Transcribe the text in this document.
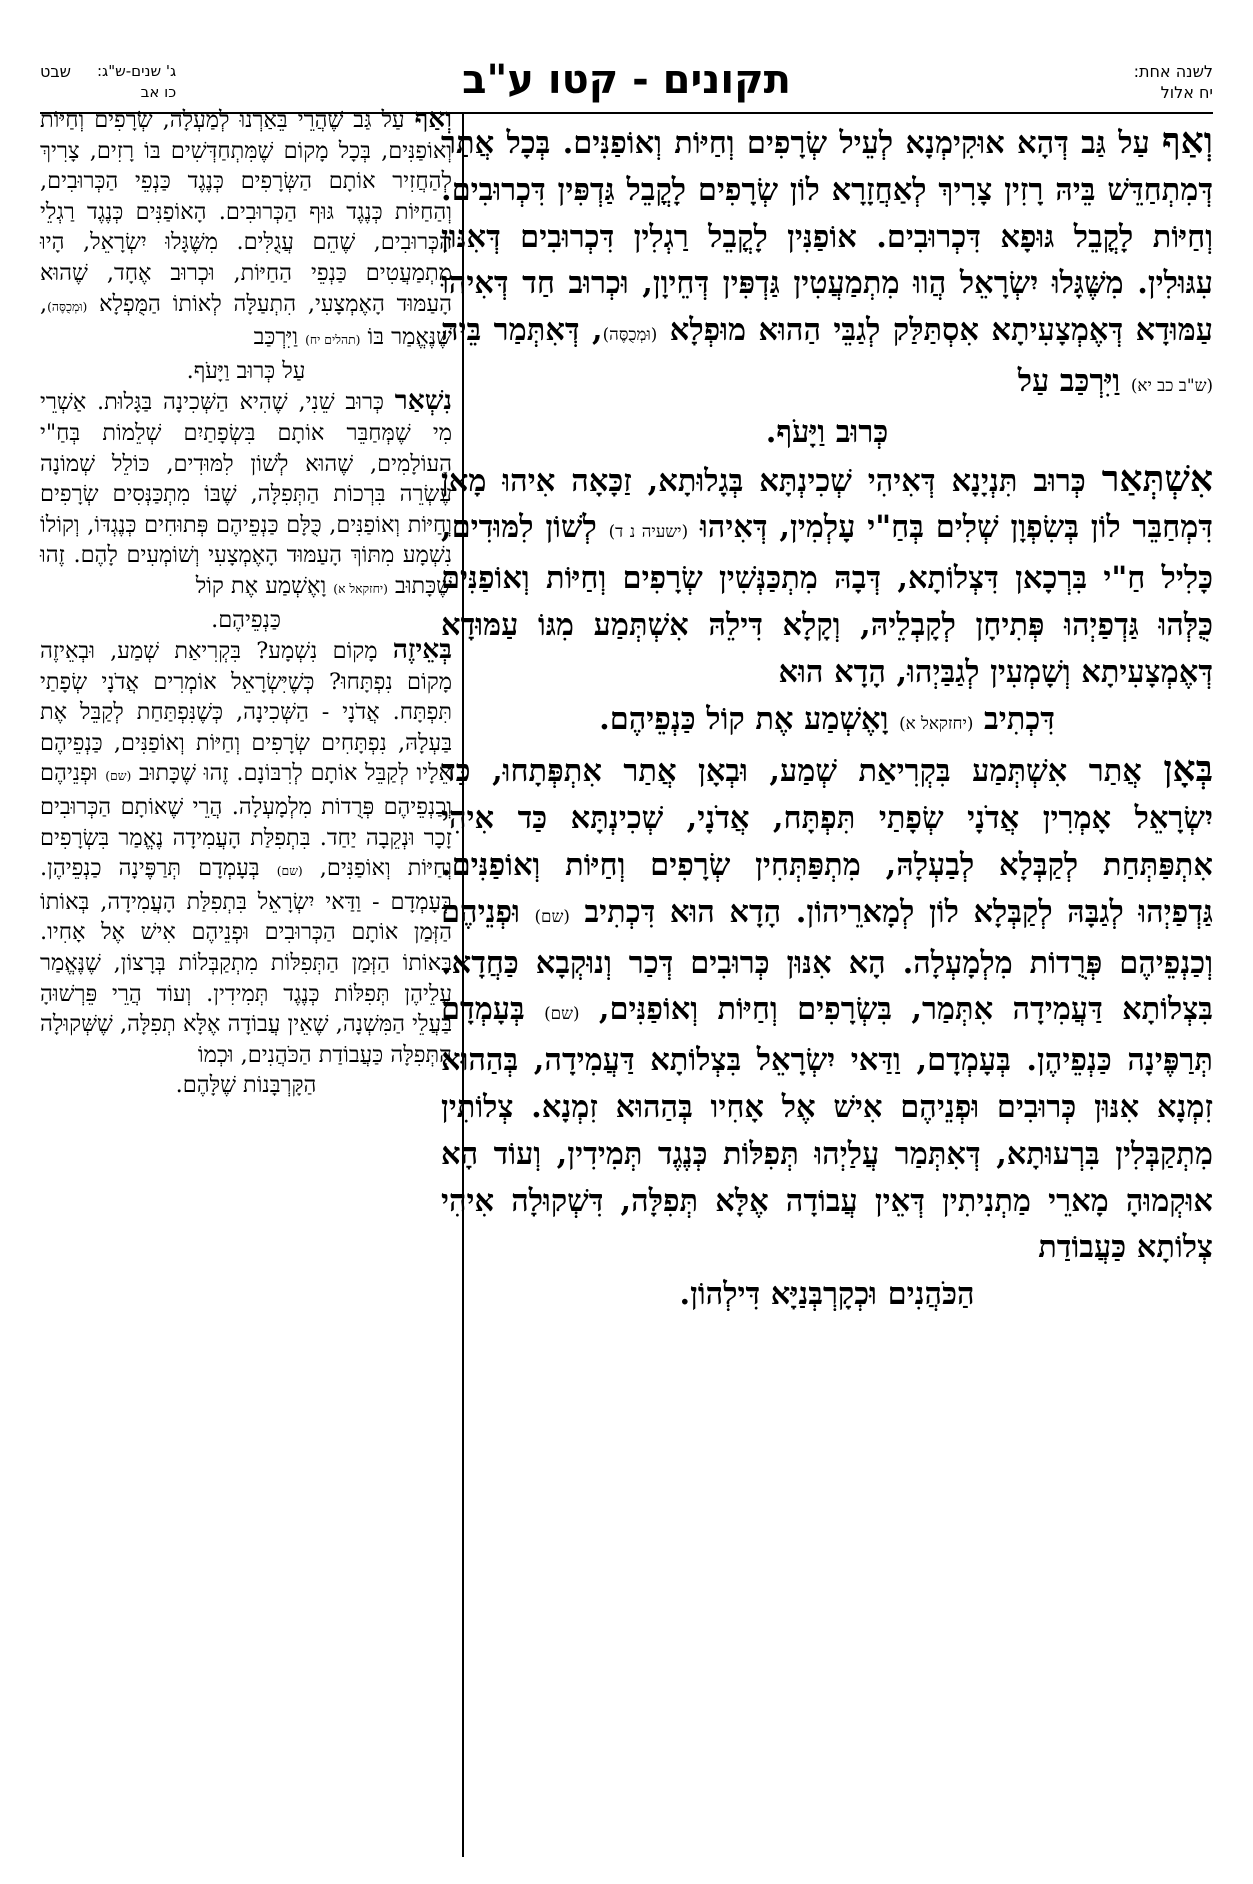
לשנה אחת:
יח אלול
תקונים - קטו ע"ב
ג' שנים-ש"ג:
שבט
כו אב

וְאַף עַל גַּב דְּהָא אוּקִימְנָא לְעֵיל שְׂרָפִים וְחַיּוֹת וְאוֹפַנִּים. בְּכָל אֲתַר דְּמִתְחַדֵּשׁ בֵּיהּ רָזִין צָרִיךְ לְאַחֲזָרָא לוֹן שְׂרָפִים לָקֳבֵל גַּדְפִּין דִּכְרוּבִים. וְחַיּוֹת לָקֳבֵל גּוּפָא דִּכְרוּבִים. אוֹפַנִּין לָקֳבֵל רַגְלִין דִּכְרוּבִים דְּאִנּוּן עִגּוּלִין. מִשֶּׁגָּלוּ יִשְׂרָאֵל הֲווּ מִתְמַעֲטִין גַּדְפִּין דְּחֵיוָן, וּכְרוּב חַד דְּאִיהוּ עַמּוּדָא דְּאֶמְצָעִיתָא אִסְתַּלַּק לְגַבֵּי הַהוּא מוּפְלָא (וּמְכֻסֶּה), דְּאִתְּמַר בֵּיהּ (ש"ב כב יא) וַיִּרְכַּב עַל

כְּרוּב וַיָּעֹף.

אִשְׁתְּאַר כְּרוּב תִּנְיָנָא דְּאִיהִי שְׁכִינְתָּא בְּגָלוּתָא, זַכָּאָה אִיהוּ מָאן דִּמְחַבֵּר לוֹן בְּשִׂפְוָן שְׁלִים בְּחַ"י עָלְמִין, דְּאִיהוּ (ישעיה נ ד) לְשׁוֹן לִמּוּדִים, כָּלִיל חַ"י בִּרְכָאן דִּצְלוֹתָא, דְּבָהּ מִתְכַּנְּשִׁין שְׂרָפִים וְחַיּוֹת וְאוֹפַנִּים כֻּלְּהוּ גַּדְפַיְהוּ פְּתִיחָן לְקָבְלֵיהּ, וְקָלָא דִּילֵהּ אִשְׁתְּמַע מִגּוֹ עַמּוּדָא דְּאֶמְצָעִיתָא וְשָׁמְעִין לְגַבַּיְהוּ, הָדָא הוּא

דִּכְתִיב (יחזקאל א) וָאֶשְׁמַע אֶת קוֹל כַּנְפֵיהֶם.

בְּאָן אֲתַר אִשְׁתְּמַע בִּקְרִיאַת שְׁמַע, וּבְאָן אֲתַר אִתְפְּתָחוּ, כַּד יִשְׂרָאֵל אָמְרִין אֲדֹנָי שְׂפָתַי תִּפְתָּח, אֲדֹנָי, שְׁכִינְתָּא כַּד אִיהִי אִתְפַּתְּחַת לְקַבְּלָא לְבַעְלָהּ, מִתְפַּתְּחִין שְׂרָפִים וְחַיּוֹת וְאוֹפַנִּים. גַּדְפַיְהוּ לְגַבָּהּ לְקַבְּלָא לוֹן לְמָארֵיהוֹן. הָדָא הוּא דִּכְתִיב (שם) וּפְנֵיהֶם וְכַנְפֵיהֶם פְּרֻדוֹת מִלְמָעְלָה. הָא אִנּוּן כְּרוּבִים דְּכַר וְנוּקְבָא כַּחֲדָא. בִּצְלוֹתָא דַּעֲמִידָה אִתְּמַר, בִּשְׂרָפִים וְחַיּוֹת וְאוֹפַנִּים, (שם) בְּעָמְדָם תְּרַפֶּינָה כַּנְפֵיהֶן. בְּעָמְדָם, וַדַּאי יִשְׂרָאֵל בִּצְלוֹתָא דַּעֲמִידָה, בְּהַהוּא זִמְנָא אִנּוּן כְּרוּבִים וּפְנֵיהֶם אִישׁ אֶל אָחִיו בְּהַהוּא זִמְנָא. צְלוֹתִין מִתְקַבְּלִין בִּרְעוּתָא, דְּאִתְּמַר עֲלַיְהוּ תְּפִלּוֹת כְּנֶגֶד תְּמִידִין, וְעוֹד הָא אוּקְמוּהָ מָארֵי מַתְנִיתִין דְּאֵין עֲבוֹדָה אֶלָּא תְּפִלָּה, דִּשְׁקוּלָה אִיהִי צְלוֹתָא כַּעֲבוֹדַת

הַכֹּהֲנִים וּכְקָרְבְּנַיָּא דִּילְהוֹן.

וְאַף עַל גַּב שֶׁהֲרֵי בֵּאַרְנוּ לְמַעְלָה, שְׂרָפִים וְחַיּוֹת וְאוֹפַנִּים, בְּכָל מָקוֹם שֶׁמִּתְחַדְּשִׁים בּוֹ רָזִים, צָרִיךְ לְהַחֲזִיר אוֹתָם הַשְּׂרָפִים כְּנֶגֶד כַּנְפֵי הַכְּרוּבִים, וְהַחַיּוֹת כְּנֶגֶד גּוּף הַכְּרוּבִים. הָאוֹפַנִּים כְּנֶגֶד רַגְלֵי הַכְּרוּבִים, שֶׁהֵם עֲגֻלִּים. מִשֶּׁגָּלוּ יִשְׂרָאֵל, הָיוּ מִתְמַעֲטִים כַּנְפֵי הַחַיּוֹת, וּכְרוּב אֶחָד, שֶׁהוּא הָעַמּוּד הָאֶמְצָעִי, הִתְעַלָּה לְאוֹתוֹ הַמֻּפְלָא (וּמְכֻסֶּה), שֶׁנֶּאֱמַר בּוֹ (תהלים יח) וַיִּרְכַּב

עַל כְּרוּב וַיָּעֹף.

נִשְׁאַר כְּרוּב שֵׁנִי, שֶׁהִיא הַשְּׁכִינָה בַּגָּלוּת. אַשְׁרֵי מִי שֶׁמְּחַבֵּר אוֹתָם בִּשְׂפָתַיִם שְׁלֵמוֹת בְּחַ"י הָעוֹלָמִים, שֶׁהוּא לְשׁוֹן לִמּוּדִים, כּוֹלֵל שְׁמוֹנָה עֶשְׂרֵה בִּרְכוֹת הַתְּפִלָּה, שֶׁבּוֹ מִתְכַּנְּסִים שְׂרָפִים וְחַיּוֹת וְאוֹפַנִּים, כֻּלָּם כַּנְפֵיהֶם פְּתוּחִים כְּנֶגְדּוֹ, וְקוֹלוֹ נִשְׁמָע מִתּוֹךְ הָעַמּוּד הָאֶמְצָעִי וְשׁוֹמְעִים לָהֶם. זֶהוּ שֶׁכָּתוּב (יחזקאל א) וָאֶשְׁמַע אֶת קוֹל

כַּנְפֵיהֶם.

בְּאֵיזֶה מָקוֹם נִשְׁמָע? בִּקְרִיאַת שְׁמַע, וּבְאֵיזֶה מָקוֹם נִפְתָּחוּ? כְּשֶׁיִּשְׂרָאֵל אוֹמְרִים אֲדֹנָי שְׂפָתַי תִּפְתָּח. אֲדֹנָי - הַשְּׁכִינָה, כְּשֶׁנִּפְתַּחַת לְקַבֵּל אֶת בַּעְלָהּ, נִפְתָּחִים שְׂרָפִים וְחַיּוֹת וְאוֹפַנִּים, כַּנְפֵיהֶם אֵלָיו לְקַבֵּל אוֹתָם לְרִבּוֹנָם. זֶהוּ שֶׁכָּתוּב (שם) וּפְנֵיהֶם וְכַנְפֵיהֶם פְּרֻדוֹת מִלְמָעְלָה. הֲרֵי שֶׁאוֹתָם הַכְּרוּבִים זָכָר וּנְקֵבָה יַחַד. בִּתְפִלַּת הָעֲמִידָה נֶאֱמַר בִּשְׂרָפִים וְחַיּוֹת וְאוֹפַנִּים, (שם) בְּעָמְדָם תְּרַפֶּינָה כַנְפֵיהֶן. בְּעָמְדָם - וַדַּאי יִשְׂרָאֵל בִּתְפִלַּת הָעֲמִידָה, בְּאוֹתוֹ הַזְּמַן אוֹתָם הַכְּרוּבִים וּפְנֵיהֶם אִישׁ אֶל אָחִיו. בְּאוֹתוֹ הַזְּמַן הַתְּפִלּוֹת מִתְקַבְּלוֹת בְּרָצוֹן, שֶׁנֶּאֱמַר עֲלֵיהֶן תְּפִלּוֹת כְּנֶגֶד תְּמִידִין. וְעוֹד הֲרֵי פֵּרְשׁוּהָ בַּעֲלֵי הַמִּשְׁנָה, שֶׁאֵין עֲבוֹדָה אֶלָּא תְפִלָּה, שֶׁשְּׁקוּלָה הַתְּפִלָּה כַּעֲבוֹדַת הַכֹּהֲנִים, וּכְמוֹ

הַקָּרְבָּנוֹת שֶׁלָּהֶם.
